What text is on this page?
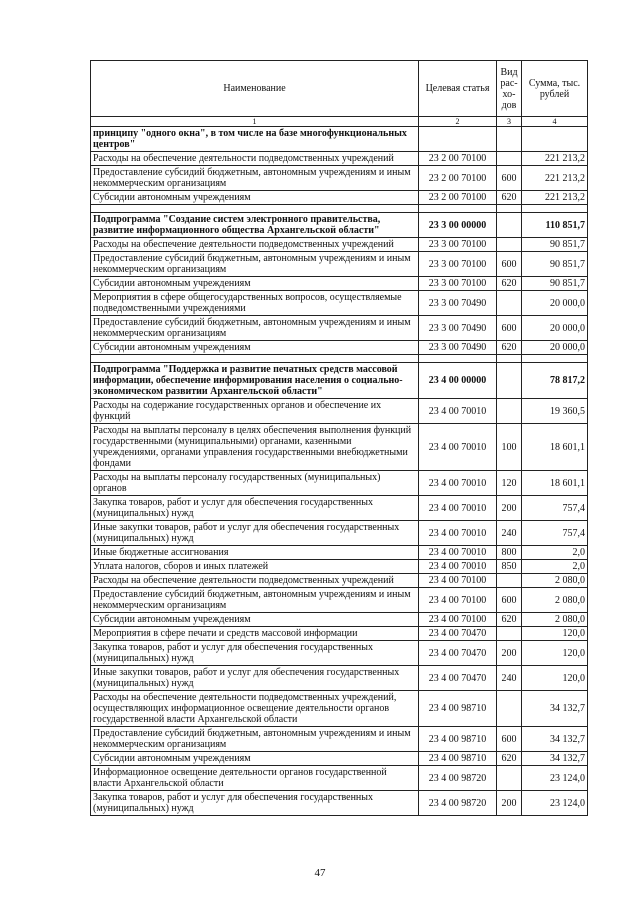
Наименование	Целевая статья	Вид рас-хо-дов	Сумма, тыс. рублей
1	2	3	4
принципу "одного окна", в том числе на базе многофункциональных центров"			
Расходы на обеспечение деятельности подведомственных учреждений	23 2 00 70100		221 213,2
Предоставление субсидий бюджетным, автономным учреждениям и иным некоммерческим организациям	23 2 00 70100	600	221 213,2
Субсидии автономным учреждениям	23 2 00 70100	620	221 213,2

Подпрограмма "Создание систем электронного правительства, развитие информационного общества Архангельской области"	23 3 00 00000		110 851,7
Расходы на обеспечение деятельности подведомственных учреждений	23 3 00 70100		90 851,7
Предоставление субсидий бюджетным, автономным учреждениям и иным некоммерческим организациям	23 3 00 70100	600	90 851,7
Субсидии автономным учреждениям	23 3 00 70100	620	90 851,7
Мероприятия в сфере общегосударственных вопросов, осуществляемые подведомственными учреждениями	23 3 00 70490		20 000,0
Предоставление субсидий бюджетным, автономным учреждениям и иным некоммерческим организациям	23 3 00 70490	600	20 000,0
Субсидии автономным учреждениям	23 3 00 70490	620	20 000,0

Подпрограмма "Поддержка и развитие печатных средств массовой информации, обеспечение информирования населения о социально-экономическом развитии Архангельской области"	23 4 00 00000		78 817,2
Расходы на содержание государственных органов и обеспечение их функций	23 4 00 70010		19 360,5
Расходы на выплаты персоналу в целях обеспечения выполнения функций государственными (муниципальными) органами, казенными учреждениями, органами управления государственными внебюджетными фондами	23 4 00 70010	100	18 601,1
Расходы на выплаты персоналу государственных (муниципальных) органов	23 4 00 70010	120	18 601,1
Закупка товаров, работ и услуг для обеспечения государственных (муниципальных) нужд	23 4 00 70010	200	757,4
Иные закупки товаров, работ и услуг для обеспечения государственных (муниципальных) нужд	23 4 00 70010	240	757,4
Иные бюджетные ассигнования	23 4 00 70010	800	2,0
Уплата налогов, сборов и иных платежей	23 4 00 70010	850	2,0
Расходы на обеспечение деятельности подведомственных учреждений	23 4 00 70100		2 080,0
Предоставление субсидий бюджетным, автономным учреждениям и иным некоммерческим организациям	23 4 00 70100	600	2 080,0
Субсидии автономным учреждениям	23 4 00 70100	620	2 080,0
Мероприятия в сфере печати и средств массовой информации	23 4 00 70470		120,0
Закупка товаров, работ и услуг для обеспечения государственных (муниципальных) нужд	23 4 00 70470	200	120,0
Иные закупки товаров, работ и услуг для обеспечения государственных (муниципальных) нужд	23 4 00 70470	240	120,0
Расходы на обеспечение деятельности подведомственных учреждений, осуществляющих информационное освещение деятельности органов государственной власти Архангельской области	23 4 00 98710		34 132,7
Предоставление субсидий бюджетным, автономным учреждениям и иным некоммерческим организациям	23 4 00 98710	600	34 132,7
Субсидии автономным учреждениям	23 4 00 98710	620	34 132,7
Информационное освещение деятельности органов государственной власти Архангельской области	23 4 00 98720		23 124,0
Закупка товаров, работ и услуг для обеспечения государственных (муниципальных) нужд	23 4 00 98720	200	23 124,0
47
